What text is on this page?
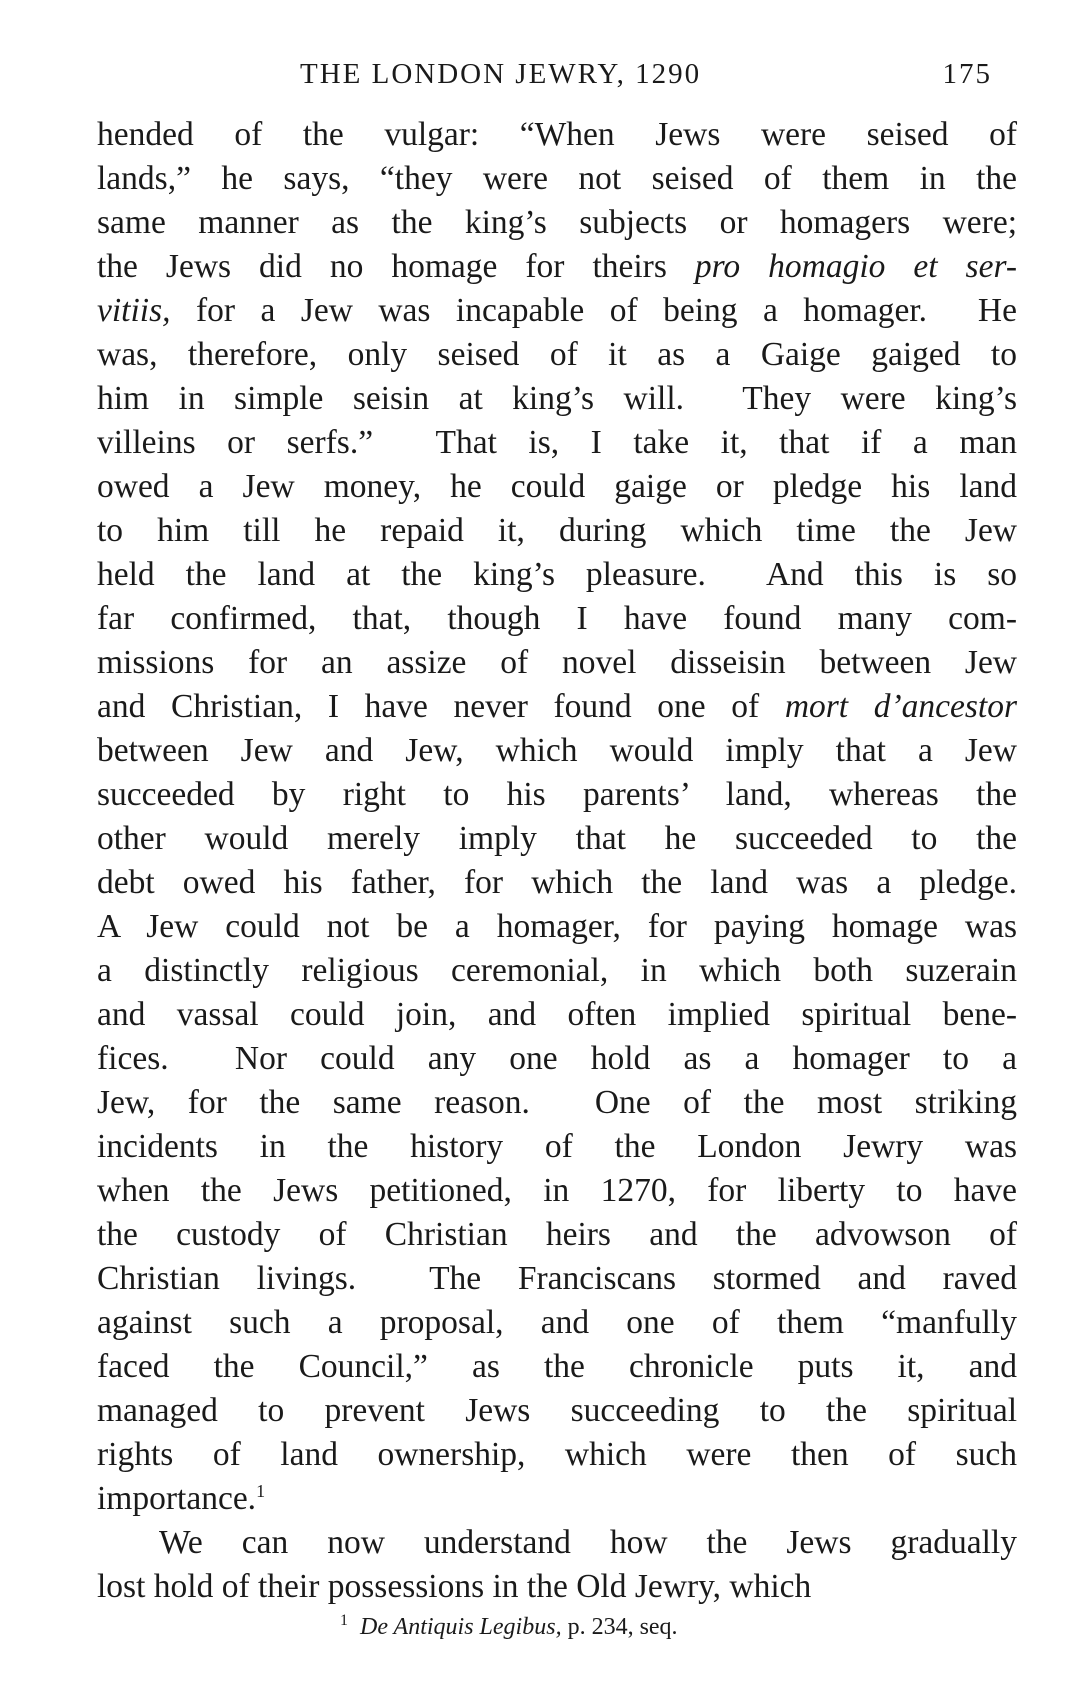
THE LONDON JEWRY, 1290	175
hended of the vulgar: “When Jews were seised of
lands,” he says, “they were not seised of them in the
same manner as the king’s subjects or homagers were;
the Jews did no homage for theirs pro homagio et ser-
vitiis, for a Jew was incapable of being a homager.  He
was, therefore, only seised of it as a Gaige gaiged to
him in simple seisin at king’s will.  They were king’s
villeins or serfs.”  That is, I take it, that if a man
owed a Jew money, he could gaige or pledge his land
to him till he repaid it, during which time the Jew
held the land at the king’s pleasure.  And this is so
far confirmed, that, though I have found many com-
missions for an assize of novel disseisin between Jew
and Christian, I have never found one of mort d’ancestor
between Jew and Jew, which would imply that a Jew
succeeded by right to his parents’ land, whereas the
other would merely imply that he succeeded to the
debt owed his father, for which the land was a pledge.
A Jew could not be a homager, for paying homage was
a distinctly religious ceremonial, in which both suzerain
and vassal could join, and often implied spiritual bene-
fices.  Nor could any one hold as a homager to a
Jew, for the same reason.  One of the most striking
incidents in the history of the London Jewry was
when the Jews petitioned, in 1270, for liberty to have
the custody of Christian heirs and the advowson of
Christian livings.  The Franciscans stormed and raved
against such a proposal, and one of them “manfully
faced the Council,” as the chronicle puts it, and
managed to prevent Jews succeeding to the spiritual
rights of land ownership, which were then of such
importance.$^1$
We can now understand how the Jews gradually
lost hold of their possessions in the Old Jewry, which
$^1$ De Antiquis Legibus, p. 234, seq.
